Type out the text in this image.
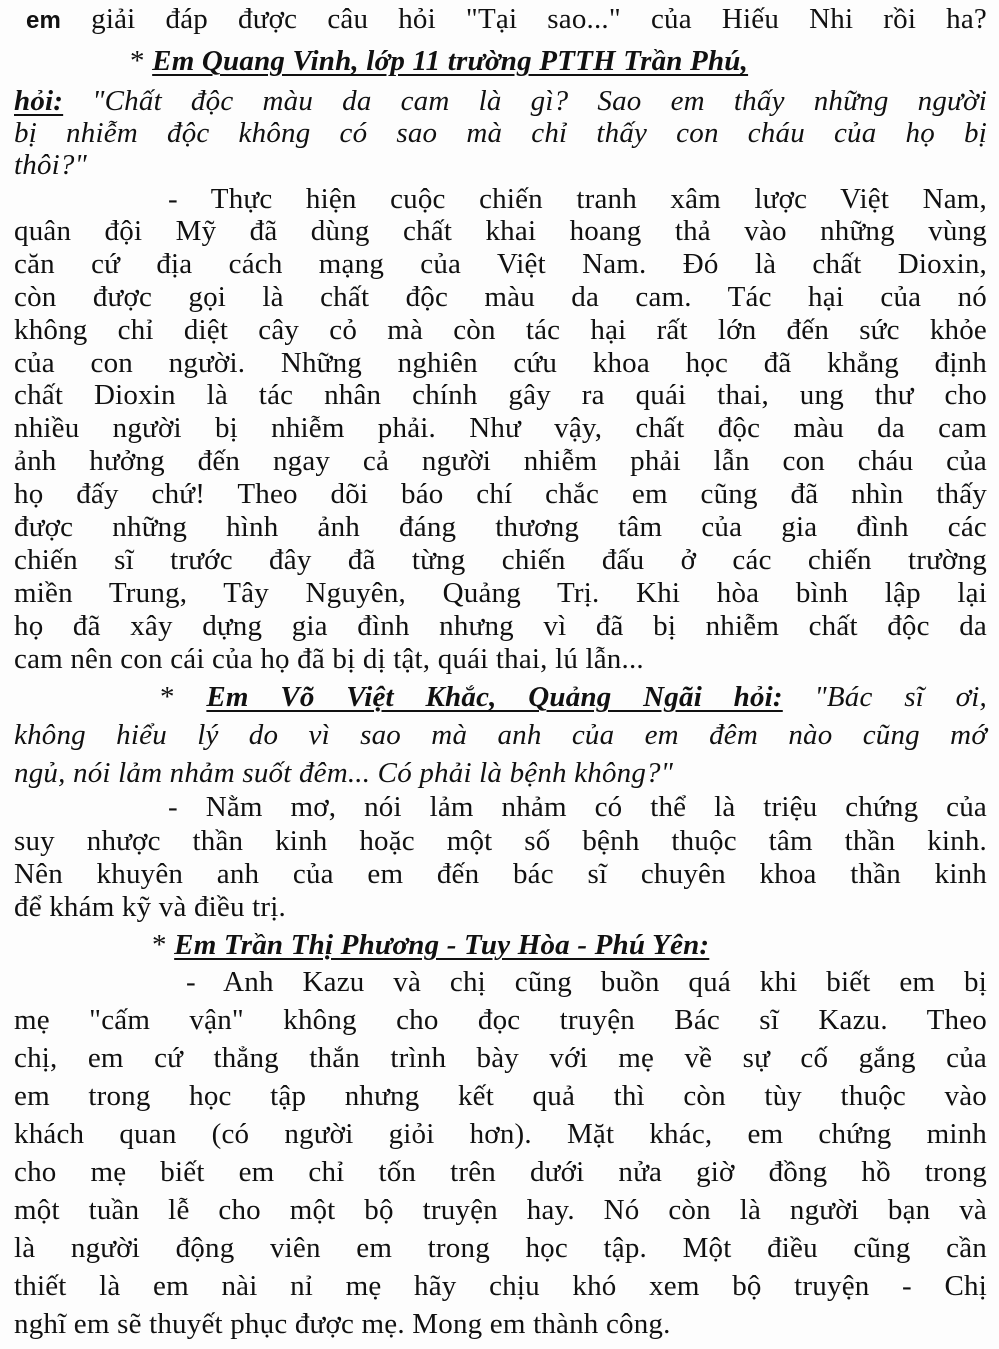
em giải đáp được câu hỏi "Tại sao..." của Hiếu Nhi rồi ha?
* Em Quang Vinh, lớp 11 trường PTTH Trần Phú,
hỏi: "Chất độc màu da cam là gì? Sao em thấy những người
bị nhiễm độc không có sao mà chỉ thấy con cháu của họ bị
thôi?"
- Thực hiện cuộc chiến tranh xâm lược Việt Nam,
quân đội Mỹ đã dùng chất khai hoang thả vào những vùng
căn cứ địa cách mạng của Việt Nam. Đó là chất Dioxin,
còn được gọi là chất độc màu da cam. Tác hại của nó
không chỉ diệt cây cỏ mà còn tác hại rất lớn đến sức khỏe
của con người. Những nghiên cứu khoa học đã khẳng định
chất Dioxin là tác nhân chính gây ra quái thai, ung thư cho
nhiều người bị nhiễm phải. Như vậy, chất độc màu da cam
ảnh hưởng đến ngay cả người nhiễm phải lẫn con cháu của
họ đấy chứ! Theo dõi báo chí chắc em cũng đã nhìn thấy
được những hình ảnh đáng thương tâm của gia đình các
chiến sĩ trước đây đã từng chiến đấu ở các chiến trường
miền Trung, Tây Nguyên, Quảng Trị. Khi hòa bình lập lại
họ đã xây dựng gia đình nhưng vì đã bị nhiễm chất độc da
cam nên con cái của họ đã bị dị tật, quái thai, lú lẫn...
* Em Võ Việt Khắc, Quảng Ngãi hỏi: "Bác sĩ ơi,
không hiểu lý do vì sao mà anh của em đêm nào cũng mớ
ngủ, nói lảm nhảm suốt đêm... Có phải là bệnh không?"
- Nằm mơ, nói lảm nhảm có thể là triệu chứng của
suy nhược thần kinh hoặc một số bệnh thuộc tâm thần kinh.
Nên khuyên anh của em đến bác sĩ chuyên khoa thần kinh
để khám kỹ và điều trị.
* Em Trần Thị Phương - Tuy Hòa - Phú Yên:
- Anh Kazu và chị cũng buồn quá khi biết em bị
mẹ "cấm vận" không cho đọc truyện Bác sĩ Kazu. Theo
chị, em cứ thẳng thắn trình bày với mẹ về sự cố gắng của
em trong học tập nhưng kết quả thì còn tùy thuộc vào
khách quan (có người giỏi hơn). Mặt khác, em chứng minh
cho mẹ biết em chỉ tốn trên dưới nửa giờ đồng hồ trong
một tuần lễ cho một bộ truyện hay. Nó còn là người bạn và
là người động viên em trong học tập. Một điều cũng cần
thiết là em nài nỉ mẹ hãy chịu khó xem bộ truyện - Chị
nghĩ em sẽ thuyết phục được mẹ. Mong em thành công.
